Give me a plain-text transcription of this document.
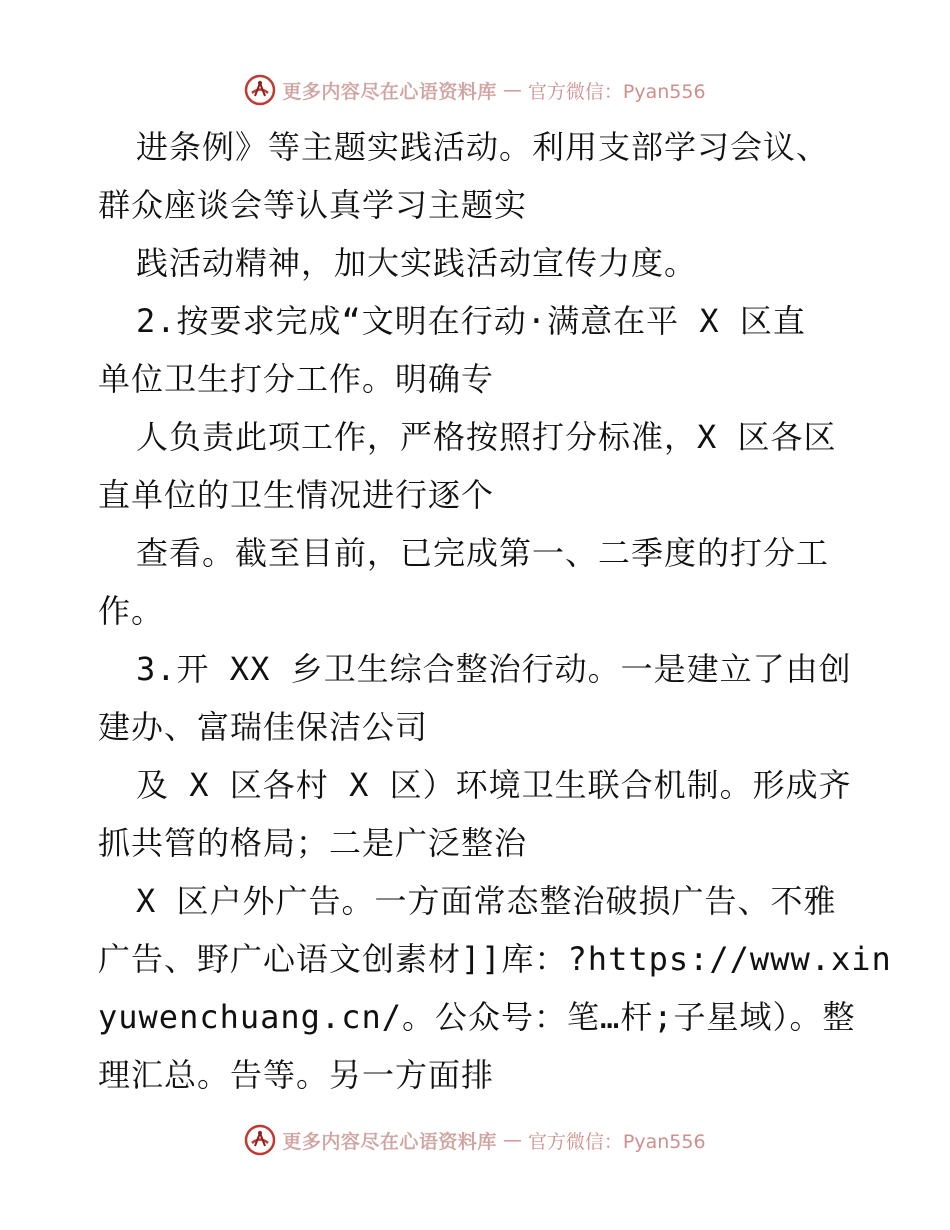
更多内容尽在心语资料库 — 官方微信：Pyan556
进条例》等主题实践活动。利用支部学习会议、
群众座谈会等认真学习主题实
践活动精神，加大实践活动宣传力度。
2.按要求完成“文明在行动·满意在平 X 区直
单位卫生打分工作。明确专
人负责此项工作，严格按照打分标准，X 区各区
直单位的卫生情况进行逐个
查看。截至目前，已完成第一、二季度的打分工
作。
3.开 XX 乡卫生综合整治行动。一是建立了由创
建办、富瑞佳保洁公司
及 X 区各村 X 区）环境卫生联合机制。形成齐
抓共管的格局；二是广泛整治
X 区户外广告。一方面常态整治破损广告、不雅
广告、野广心语文创素材]]库：?https://www.xin
yuwenchuang.cn/。公众号：笔…杆;子星域）。整
理汇总。告等。另一方面排
更多内容尽在心语资料库 — 官方微信：Pyan556
